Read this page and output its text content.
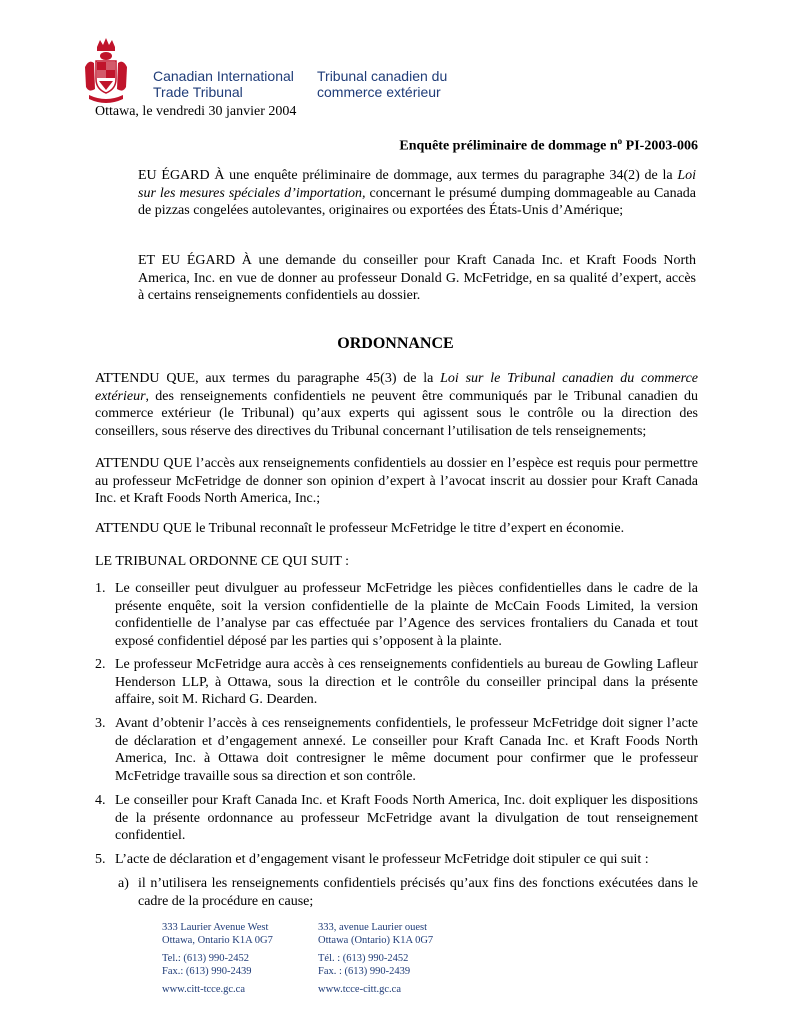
Canadian International
Trade Tribunal
Tribunal canadien du
commerce extérieur
Ottawa, le vendredi 30 janvier 2004
Enquête préliminaire de dommage $n^o$ PI-2003-006
EU ÉGARD À une enquête préliminaire de dommage, aux termes du paragraphe 34(2) de la Loi sur les mesures spéciales d’importation, concernant le présumé dumping dommageable au Canada de pizzas congelées autolevantes, originaires ou exportées des États-Unis d’Amérique;
ET EU ÉGARD À une demande du conseiller pour Kraft Canada Inc. et Kraft Foods North America, Inc. en vue de donner au professeur Donald G. McFetridge, en sa qualité d’expert, accès à certains renseignements confidentiels au dossier.
ORDONNANCE
ATTENDU QUE, aux termes du paragraphe 45(3) de la Loi sur le Tribunal canadien du commerce extérieur, des renseignements confidentiels ne peuvent être communiqués par le Tribunal canadien du commerce extérieur (le Tribunal) qu’aux experts qui agissent sous le contrôle ou la direction des conseillers, sous réserve des directives du Tribunal concernant l’utilisation de tels renseignements;
ATTENDU QUE l’accès aux renseignements confidentiels au dossier en l’espèce est requis pour permettre au professeur McFetridge de donner son opinion d’expert à l’avocat inscrit au dossier pour Kraft Canada Inc. et Kraft Foods North America, Inc.;
ATTENDU QUE le Tribunal reconnaît le professeur McFetridge le titre d’expert en économie.
LE TRIBUNAL ORDONNE CE QUI SUIT :
1. Le conseiller peut divulguer au professeur McFetridge les pièces confidentielles dans le cadre de la présente enquête, soit la version confidentielle de la plainte de McCain Foods Limited, la version confidentielle de l’analyse par cas effectuée par l’Agence des services frontaliers du Canada et tout exposé confidentiel déposé par les parties qui s’opposent à la plainte.
2. Le professeur McFetridge aura accès à ces renseignements confidentiels au bureau de Gowling Lafleur Henderson LLP, à Ottawa, sous la direction et le contrôle du conseiller principal dans la présente affaire, soit M. Richard G. Dearden.
3. Avant d’obtenir l’accès à ces renseignements confidentiels, le professeur McFetridge doit signer l’acte de déclaration et d’engagement annexé. Le conseiller pour Kraft Canada Inc. et Kraft Foods North America, Inc. à Ottawa doit contresigner le même document pour confirmer que le professeur McFetridge travaille sous sa direction et son contrôle.
4. Le conseiller pour Kraft Canada Inc. et Kraft Foods North America, Inc. doit expliquer les dispositions de la présente ordonnance au professeur McFetridge avant la divulgation de tout renseignement confidentiel.
5. L’acte de déclaration et d’engagement visant le professeur McFetridge doit stipuler ce qui suit :
a) il n’utilisera les renseignements confidentiels précisés qu’aux fins des fonctions exécutées dans le cadre de la procédure en cause;
333 Laurier Avenue West
Ottawa, Ontario K1A 0G7
Tel.: (613) 990-2452
Fax.: (613) 990-2439
www.citt-tcce.gc.ca
333, avenue Laurier ouest
Ottawa (Ontario) K1A 0G7
Tél. : (613) 990-2452
Fax. : (613) 990-2439
www.tcce-citt.gc.ca
